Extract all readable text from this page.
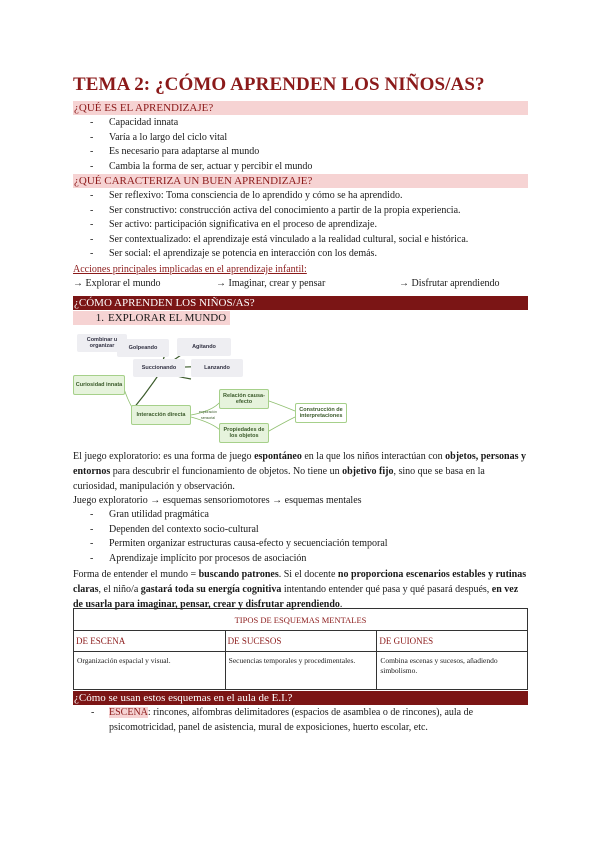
TEMA 2: ¿CÓMO APRENDEN LOS NIÑOS/AS?
¿QUÉ ES EL APRENDIZAJE?
- Capacidad innata
- Varía a lo largo del ciclo vital
- Es necesario para adaptarse al mundo
- Cambia la forma de ser, actuar y percibir el mundo
¿QUÉ CARACTERIZA UN BUEN APRENDIZAJE?
- Ser reflexivo: Toma consciencia de lo aprendido y cómo se ha aprendido.
- Ser constructivo: construcción activa del conocimiento a partir de la propia experiencia.
- Ser activo: participación significativa en el proceso de aprendizaje.
- Ser contextualizado: el aprendizaje está vinculado a la realidad cultural, social e histórica.
- Ser social: el aprendizaje se potencia en interacción con los demás.
Acciones principales implicadas en el aprendizaje infantil:
→ Explorar el mundo	→ Imaginar, crear y pensar	→ Disfrutar aprendiendo
¿CÓMO APRENDEN LOS NIÑOS/AS?
1. EXPLORAR EL MUNDO
Combinar u organizar	Golpeando	Agitando
Succionando	Lanzando
Curiosidad innata
Interacción directa
Relación causa-efecto
Propiedades de los objetos
exploración sensorial
Construcción de interpretaciones

El juego exploratorio: es una forma de juego espontáneo en la que los niños interactúan con objetos, personas y entornos para descubrir el funcionamiento de objetos. No tiene un objetivo fijo, sino que se basa en la curiosidad, manipulación y observación.

Juego exploratorio → esquemas sensoriomotores → esquemas mentales
- Gran utilidad pragmática
- Dependen del contexto socio-cultural
- Permiten organizar estructuras causa-efecto y secuenciación temporal
- Aprendizaje implícito por procesos de asociación

Forma de entender el mundo = buscando patrones. Si el docente no proporciona escenarios estables y rutinas claras, el niño/a gastará toda su energía cognitiva intentando entender qué pasa y qué pasará después, en vez de usarla para imaginar, pensar, crear y disfrutar aprendiendo.

TIPOS DE ESQUEMAS MENTALES		
DE ESCENA	DE SUCESOS	DE GUIONES
Organización espacial y visual.	Secuencias temporales y procedimentales.	Combina escenas y sucesos, añadiendo simbolismo.
¿Cómo se usan estos esquemas en el aula de E.I.?
- ESCENA: rincones, alfombras delimitadores (espacios de asamblea o de rincones), aula de
psicomotricidad, panel de asistencia, mural de exposiciones, huerto escolar, etc.
